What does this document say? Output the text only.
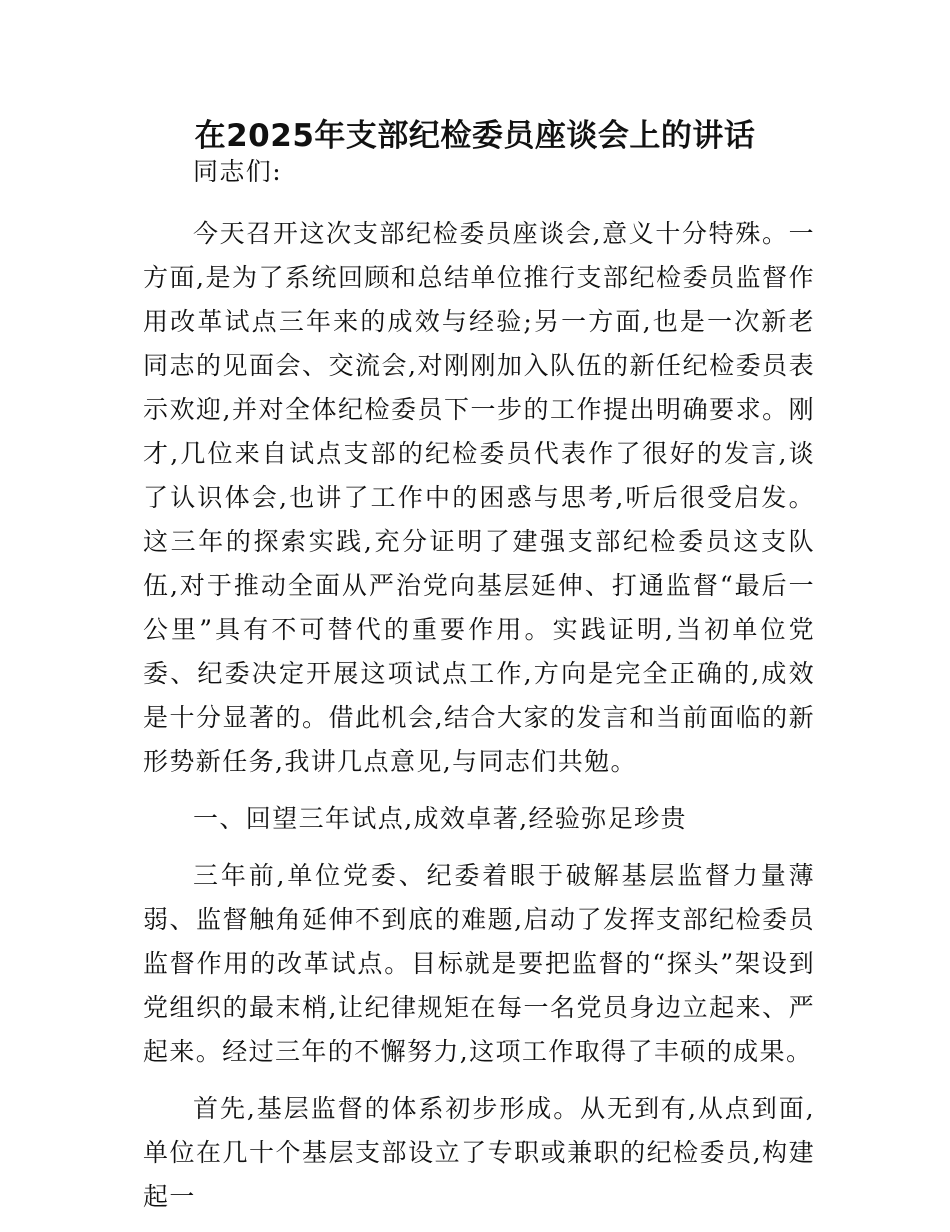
在2025年支部纪检委员座谈会上的讲话

同志们:

今天召开这次支部纪检委员座谈会,意义十分特殊。一方面,是为了系统回顾和总结单位推行支部纪检委员监督作用改革试点三年来的成效与经验;另一方面,也是一次新老同志的见面会、交流会,对刚刚加入队伍的新任纪检委员表示欢迎,并对全体纪检委员下一步的工作提出明确要求。刚才,几位来自试点支部的纪检委员代表作了很好的发言,谈了认识体会,也讲了工作中的困惑与思考,听后很受启发。这三年的探索实践,充分证明了建强支部纪检委员这支队伍,对于推动全面从严治党向基层延伸、打通监督“最后一公里”具有不可替代的重要作用。实践证明,当初单位党委、纪委决定开展这项试点工作,方向是完全正确的,成效是十分显著的。借此机会,结合大家的发言和当前面临的新形势新任务,我讲几点意见,与同志们共勉。

一、回望三年试点,成效卓著,经验弥足珍贵

三年前,单位党委、纪委着眼于破解基层监督力量薄弱、监督触角延伸不到底的难题,启动了发挥支部纪检委员监督作用的改革试点。目标就是要把监督的“探头”架设到党组织的最末梢,让纪律规矩在每一名党员身边立起来、严起来。经过三年的不懈努力,这项工作取得了丰硕的成果。

首先,基层监督的体系初步形成。从无到有,从点到面,单位在几十个基层支部设立了专职或兼职的纪检委员,构建起一
